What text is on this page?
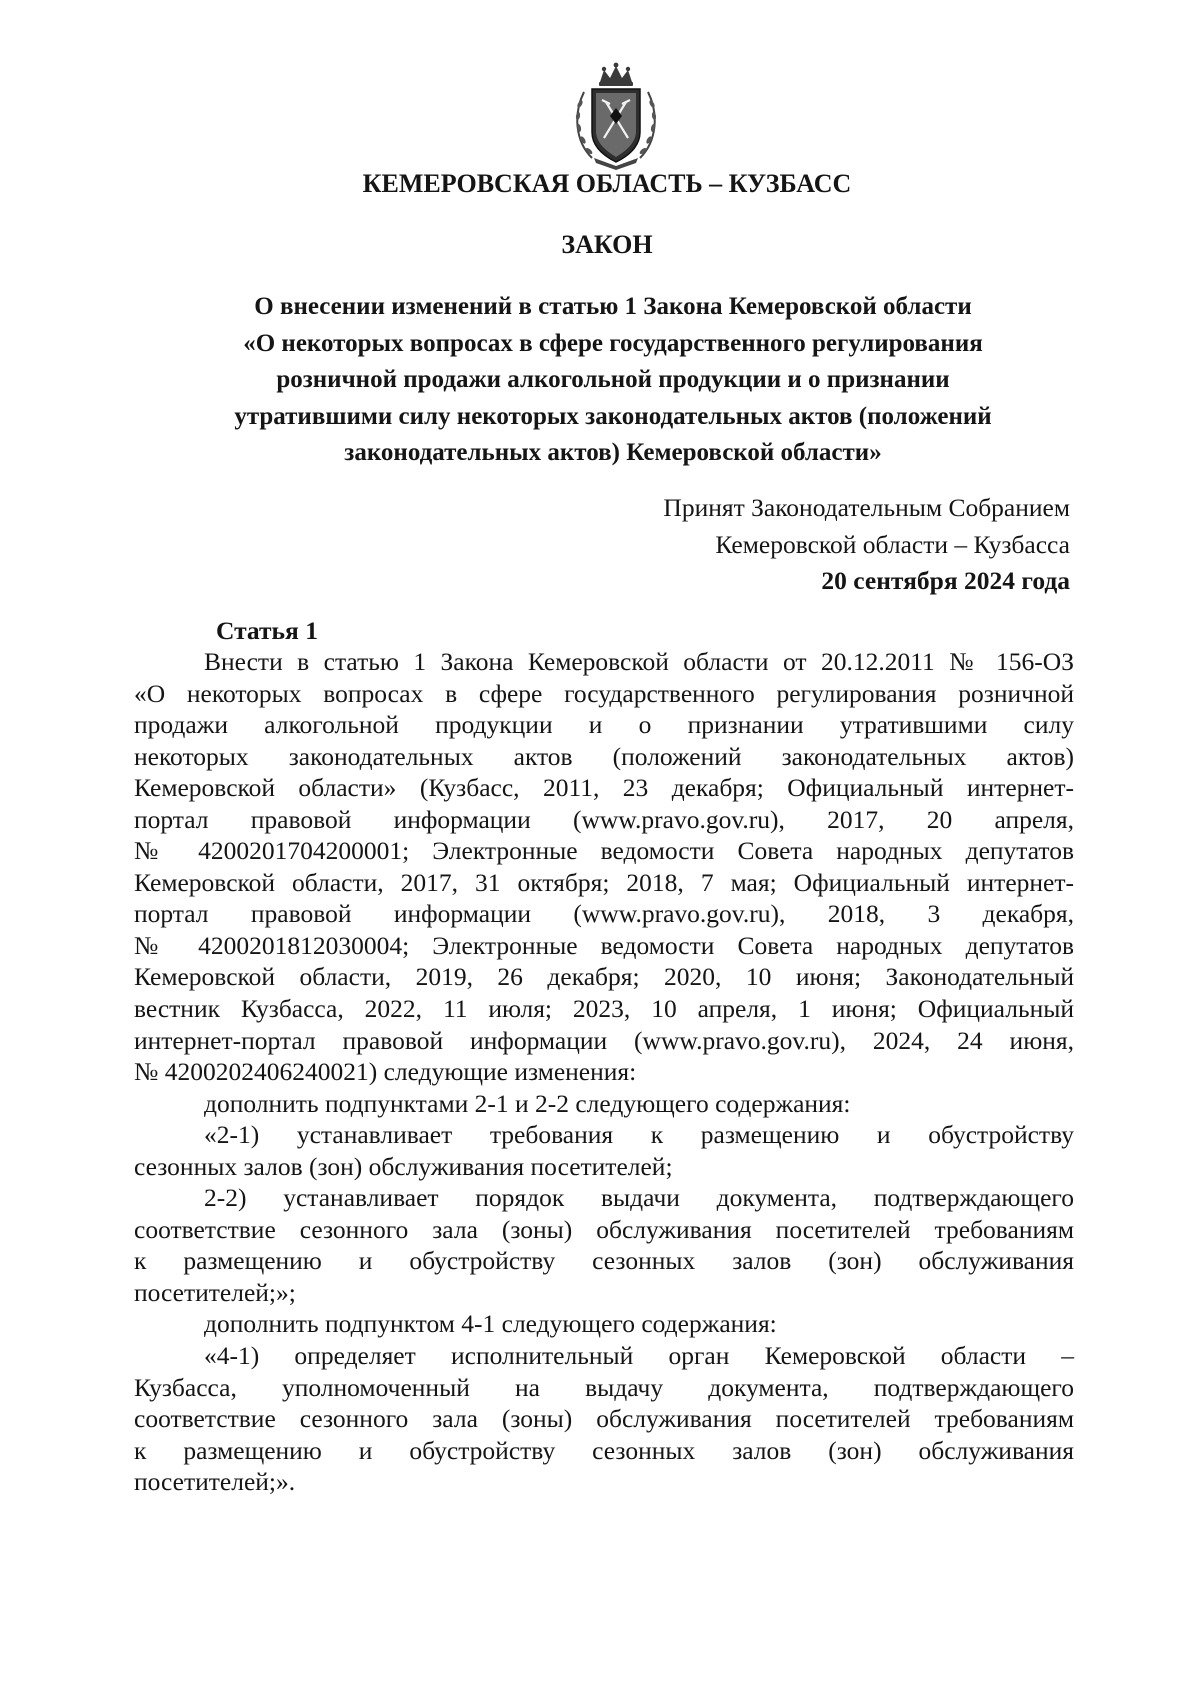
КЕМЕРОВСКАЯ ОБЛАСТЬ – КУЗБАСС
ЗАКОН
О внесении изменений в статью 1 Закона Кемеровской области
«О некоторых вопросах в сфере государственного регулирования
розничной продажи алкогольной продукции и о признании
утратившими силу некоторых законодательных актов (положений
законодательных актов) Кемеровской области»
Принят Законодательным Собранием
Кемеровской области – Кузбасса
20 сентября 2024 года
Статья 1
Внести в статью 1 Закона Кемеровской области от 20.12.2011 № 156-ОЗ
«О некоторых вопросах в сфере государственного регулирования розничной
продажи алкогольной продукции и о признании утратившими силу
некоторых законодательных актов (положений законодательных актов)
Кемеровской области» (Кузбасс, 2011, 23 декабря; Официальный интернет-
портал правовой информации (www.pravo.gov.ru), 2017, 20 апреля,
№ 4200201704200001; Электронные ведомости Совета народных депутатов
Кемеровской области, 2017, 31 октября; 2018, 7 мая; Официальный интернет-
портал правовой информации (www.pravo.gov.ru), 2018, 3 декабря,
№ 4200201812030004; Электронные ведомости Совета народных депутатов
Кемеровской области, 2019, 26 декабря; 2020, 10 июня; Законодательный
вестник Кузбасса, 2022, 11 июля; 2023, 10 апреля, 1 июня; Официальный
интернет-портал правовой информации (www.pravo.gov.ru), 2024, 24 июня,
№ 4200202406240021) следующие изменения:
дополнить подпунктами 2-1 и 2-2 следующего содержания:
«2-1) устанавливает требования к размещению и обустройству
сезонных залов (зон) обслуживания посетителей;
2-2) устанавливает порядок выдачи документа, подтверждающего
соответствие сезонного зала (зоны) обслуживания посетителей требованиям
к размещению и обустройству сезонных залов (зон) обслуживания
посетителей;»;
дополнить подпунктом 4-1 следующего содержания:
«4-1) определяет исполнительный орган Кемеровской области –
Кузбасса, уполномоченный на выдачу документа, подтверждающего
соответствие сезонного зала (зоны) обслуживания посетителей требованиям
к размещению и обустройству сезонных залов (зон) обслуживания
посетителей;».
